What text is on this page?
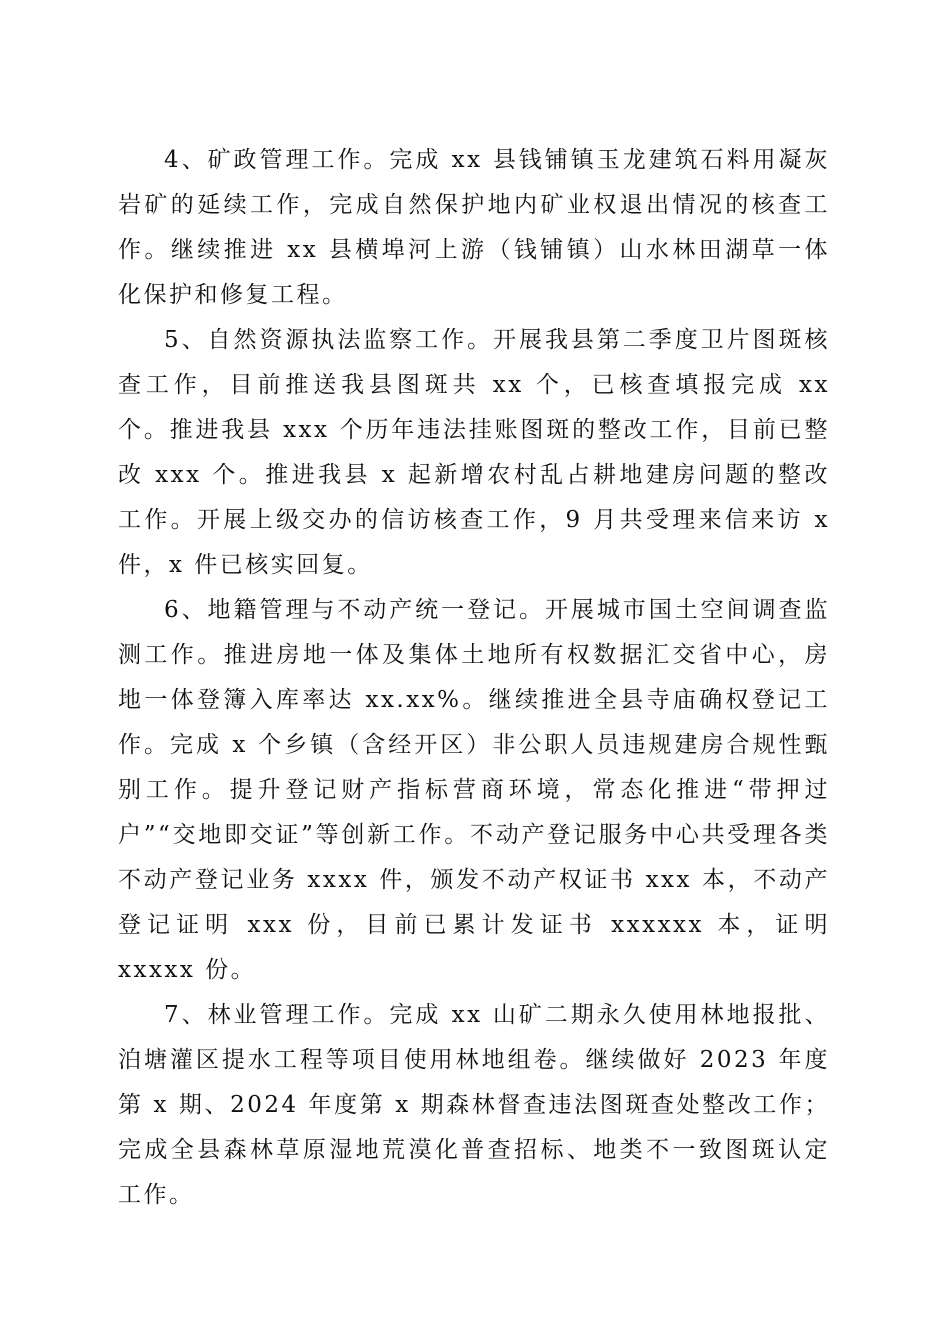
4、矿政管理工作。完成 xx 县钱铺镇玉龙建筑石料用凝灰岩矿的延续工作，完成自然保护地内矿业权退出情况的核查工作。继续推进 xx 县横埠河上游（钱铺镇）山水林田湖草一体化保护和修复工程。

5、自然资源执法监察工作。开展我县第二季度卫片图斑核查工作，目前推送我县图斑共 xx 个，已核查填报完成 xx 个。推进我县 xxx 个历年违法挂账图斑的整改工作，目前已整改 xxx 个。推进我县 x 起新增农村乱占耕地建房问题的整改工作。开展上级交办的信访核查工作，9 月共受理来信来访 x 件，x 件已核实回复。

6、地籍管理与不动产统一登记。开展城市国土空间调查监测工作。推进房地一体及集体土地所有权数据汇交省中心，房地一体登簿入库率达 xx.xx%。继续推进全县寺庙确权登记工作。完成 x 个乡镇（含经开区）非公职人员违规建房合规性甄别工作。提升登记财产指标营商环境，常态化推进“带押过户”“交地即交证”等创新工作。不动产登记服务中心共受理各类不动产登记业务 xxxx 件，颁发不动产权证书 xxx 本，不动产登记证明 xxx 份，目前已累计发证书 xxxxxx 本，证明 xxxxx 份。

7、林业管理工作。完成 xx 山矿二期永久使用林地报批、泊塘灌区提水工程等项目使用林地组卷。继续做好 2023 年度第 x 期、2024 年度第 x 期森林督查违法图斑查处整改工作；完成全县森林草原湿地荒漠化普查招标、地类不一致图斑认定工作。
